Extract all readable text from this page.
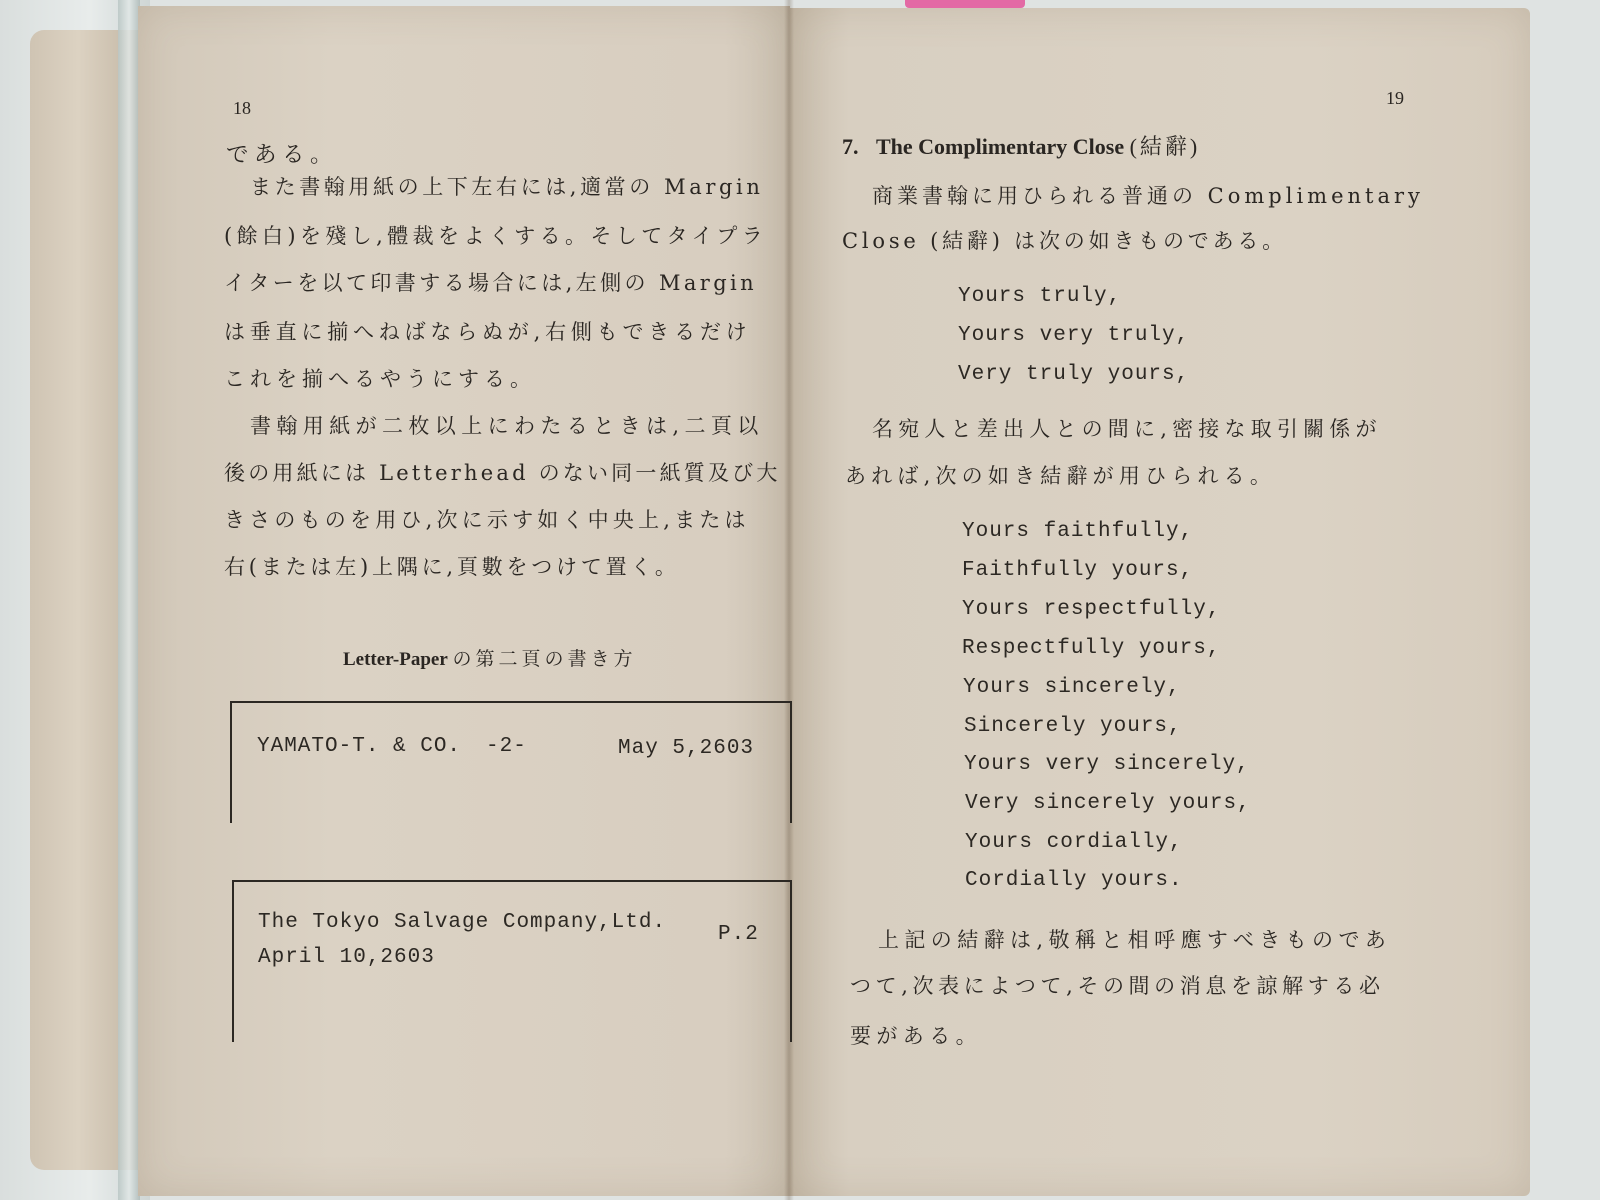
18
である。
また書翰用紙の上下左右には,適當の Margin
(餘白)を殘し,體裁をよくする。そしてタイプラ
イターを以て印書する場合には,左側の Margin
は垂直に揃へねばならぬが,右側もできるだけ
これを揃へるやうにする。
書翰用紙が二枚以上にわたるときは,二頁以
後の用紙には Letterhead のない同一紙質及び大
きさのものを用ひ,次に示す如く中央上,または
右(または左)上隅に,頁數をつけて置く。
Letter-Paper の第二頁の書き方
YAMATO-T. & CO. -2-	May 5,2603
The Tokyo Salvage Company,Ltd.
P.2
April 10,2603
19
7. The Complimentary Close (結辭)
商業書翰に用ひられる普通の Complimentary
Close (結辭) は次の如きものである。
Yours truly,
Yours very truly,
Very truly yours,
名宛人と差出人との間に,密接な取引關係が
あれば,次の如き結辭が用ひられる。
Yours faithfully,
Faithfully yours,
Yours respectfully,
Respectfully yours,
Yours sincerely,
Sincerely yours,
Yours very sincerely,
Very sincerely yours,
Yours cordially,
Cordially yours.
上記の結辭は,敬稱と相呼應すべきものであ
つて,次表によつて,その間の消息を諒解する必
要がある。
